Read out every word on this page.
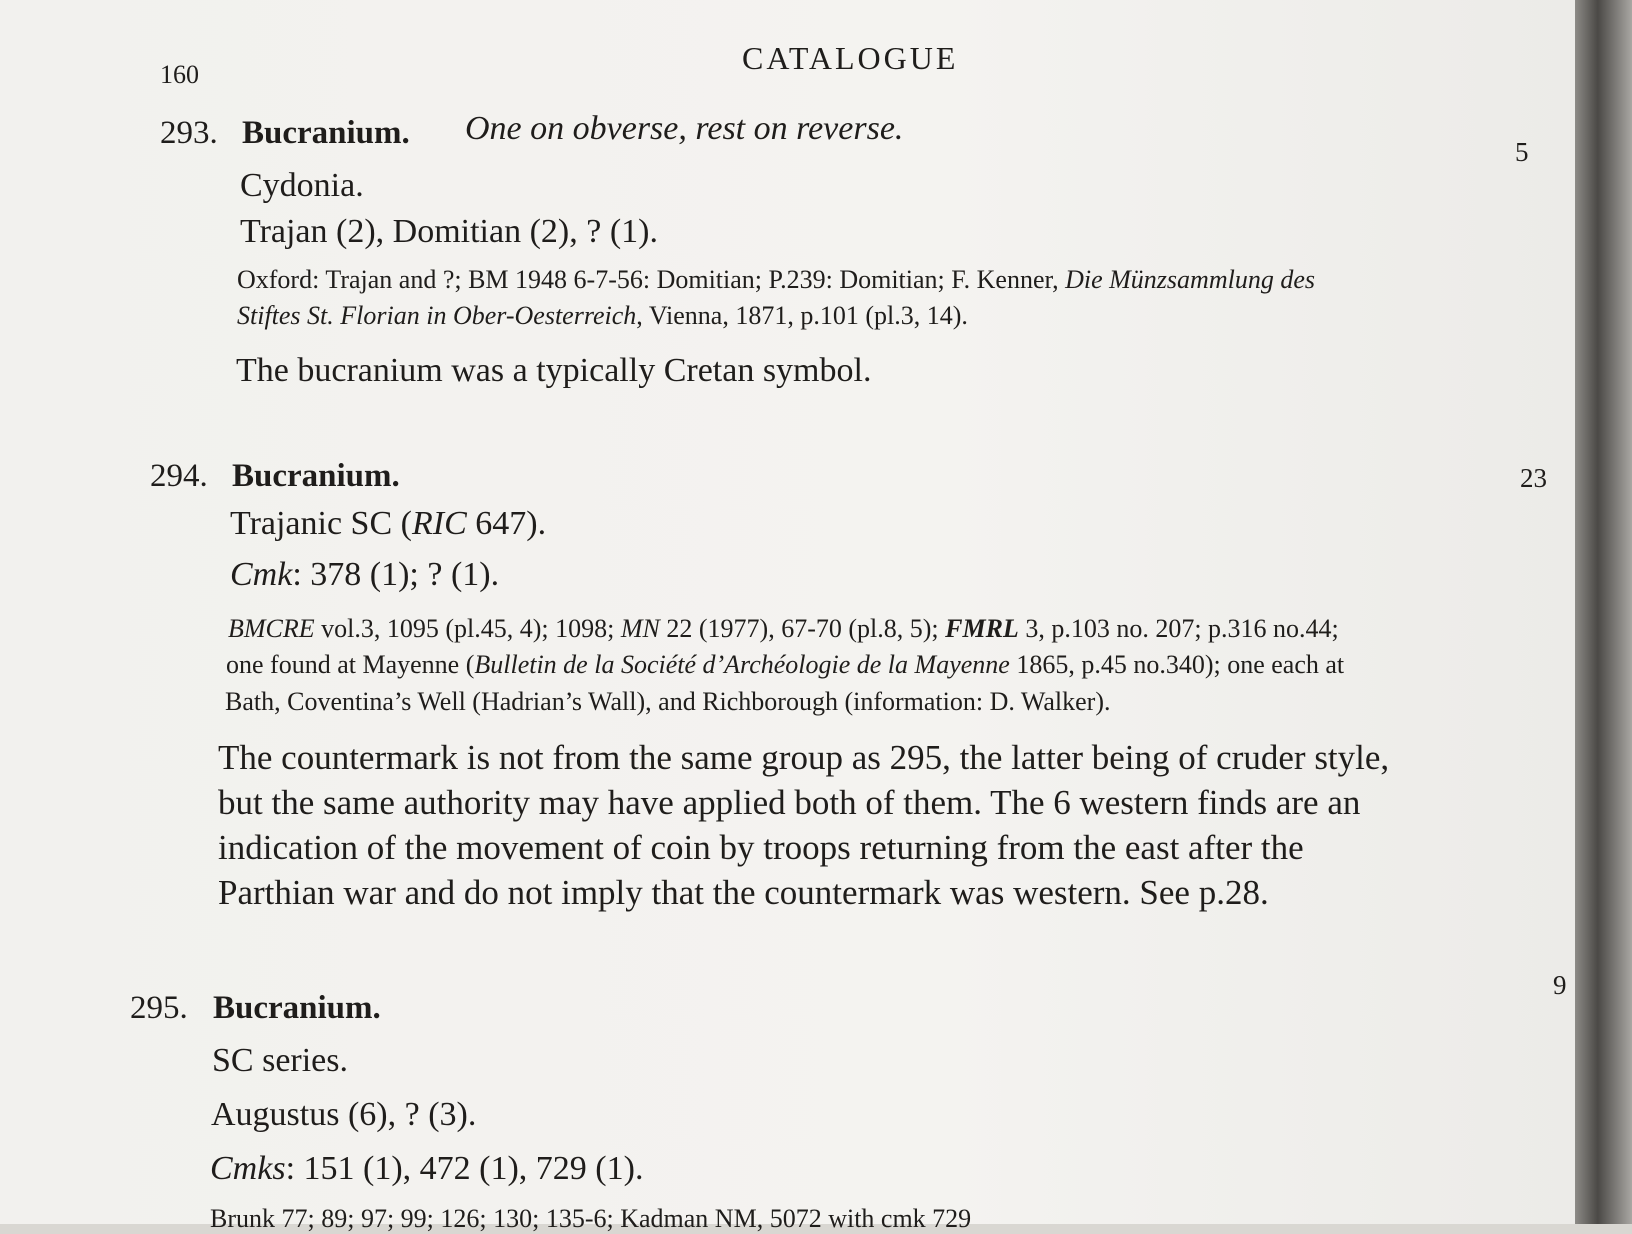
160	CATALOGUE
293. Bucranium. One on obverse, rest on reverse.
5
Cydonia.
Trajan (2), Domitian (2), ? (1).
Oxford: Trajan and ?; BM 1948 6-7-56: Domitian; P.239: Domitian; F. Kenner, Die Münzsammlung des
Stiftes St. Florian in Ober-Oesterreich, Vienna, 1871, p.101 (pl.3, 14).
The bucranium was a typically Cretan symbol.
294. Bucranium.	23
Trajanic SC (RIC 647).
Cmk: 378 (1); ? (1).
BMCRE vol.3, 1095 (pl.45, 4); 1098; MN 22 (1977), 67-70 (pl.8, 5); FMRL 3, p.103 no. 207; p.316 no.44;
one found at Mayenne (Bulletin de la Société d’Archéologie de la Mayenne 1865, p.45 no.340); one each at
Bath, Coventina’s Well (Hadrian’s Wall), and Richborough (information: D. Walker).
The countermark is not from the same group as 295, the latter being of cruder style,
but the same authority may have applied both of them. The 6 western finds are an
indication of the movement of coin by troops returning from the east after the
Parthian war and do not imply that the countermark was western. See p.28.
9
295. Bucranium.
SC series.
Augustus (6), ? (3).
Cmks: 151 (1), 472 (1), 729 (1).
Brunk 77; 89; 97; 99; 126; 130; 135-6; Kadman NM, 5072 with cmk 729
